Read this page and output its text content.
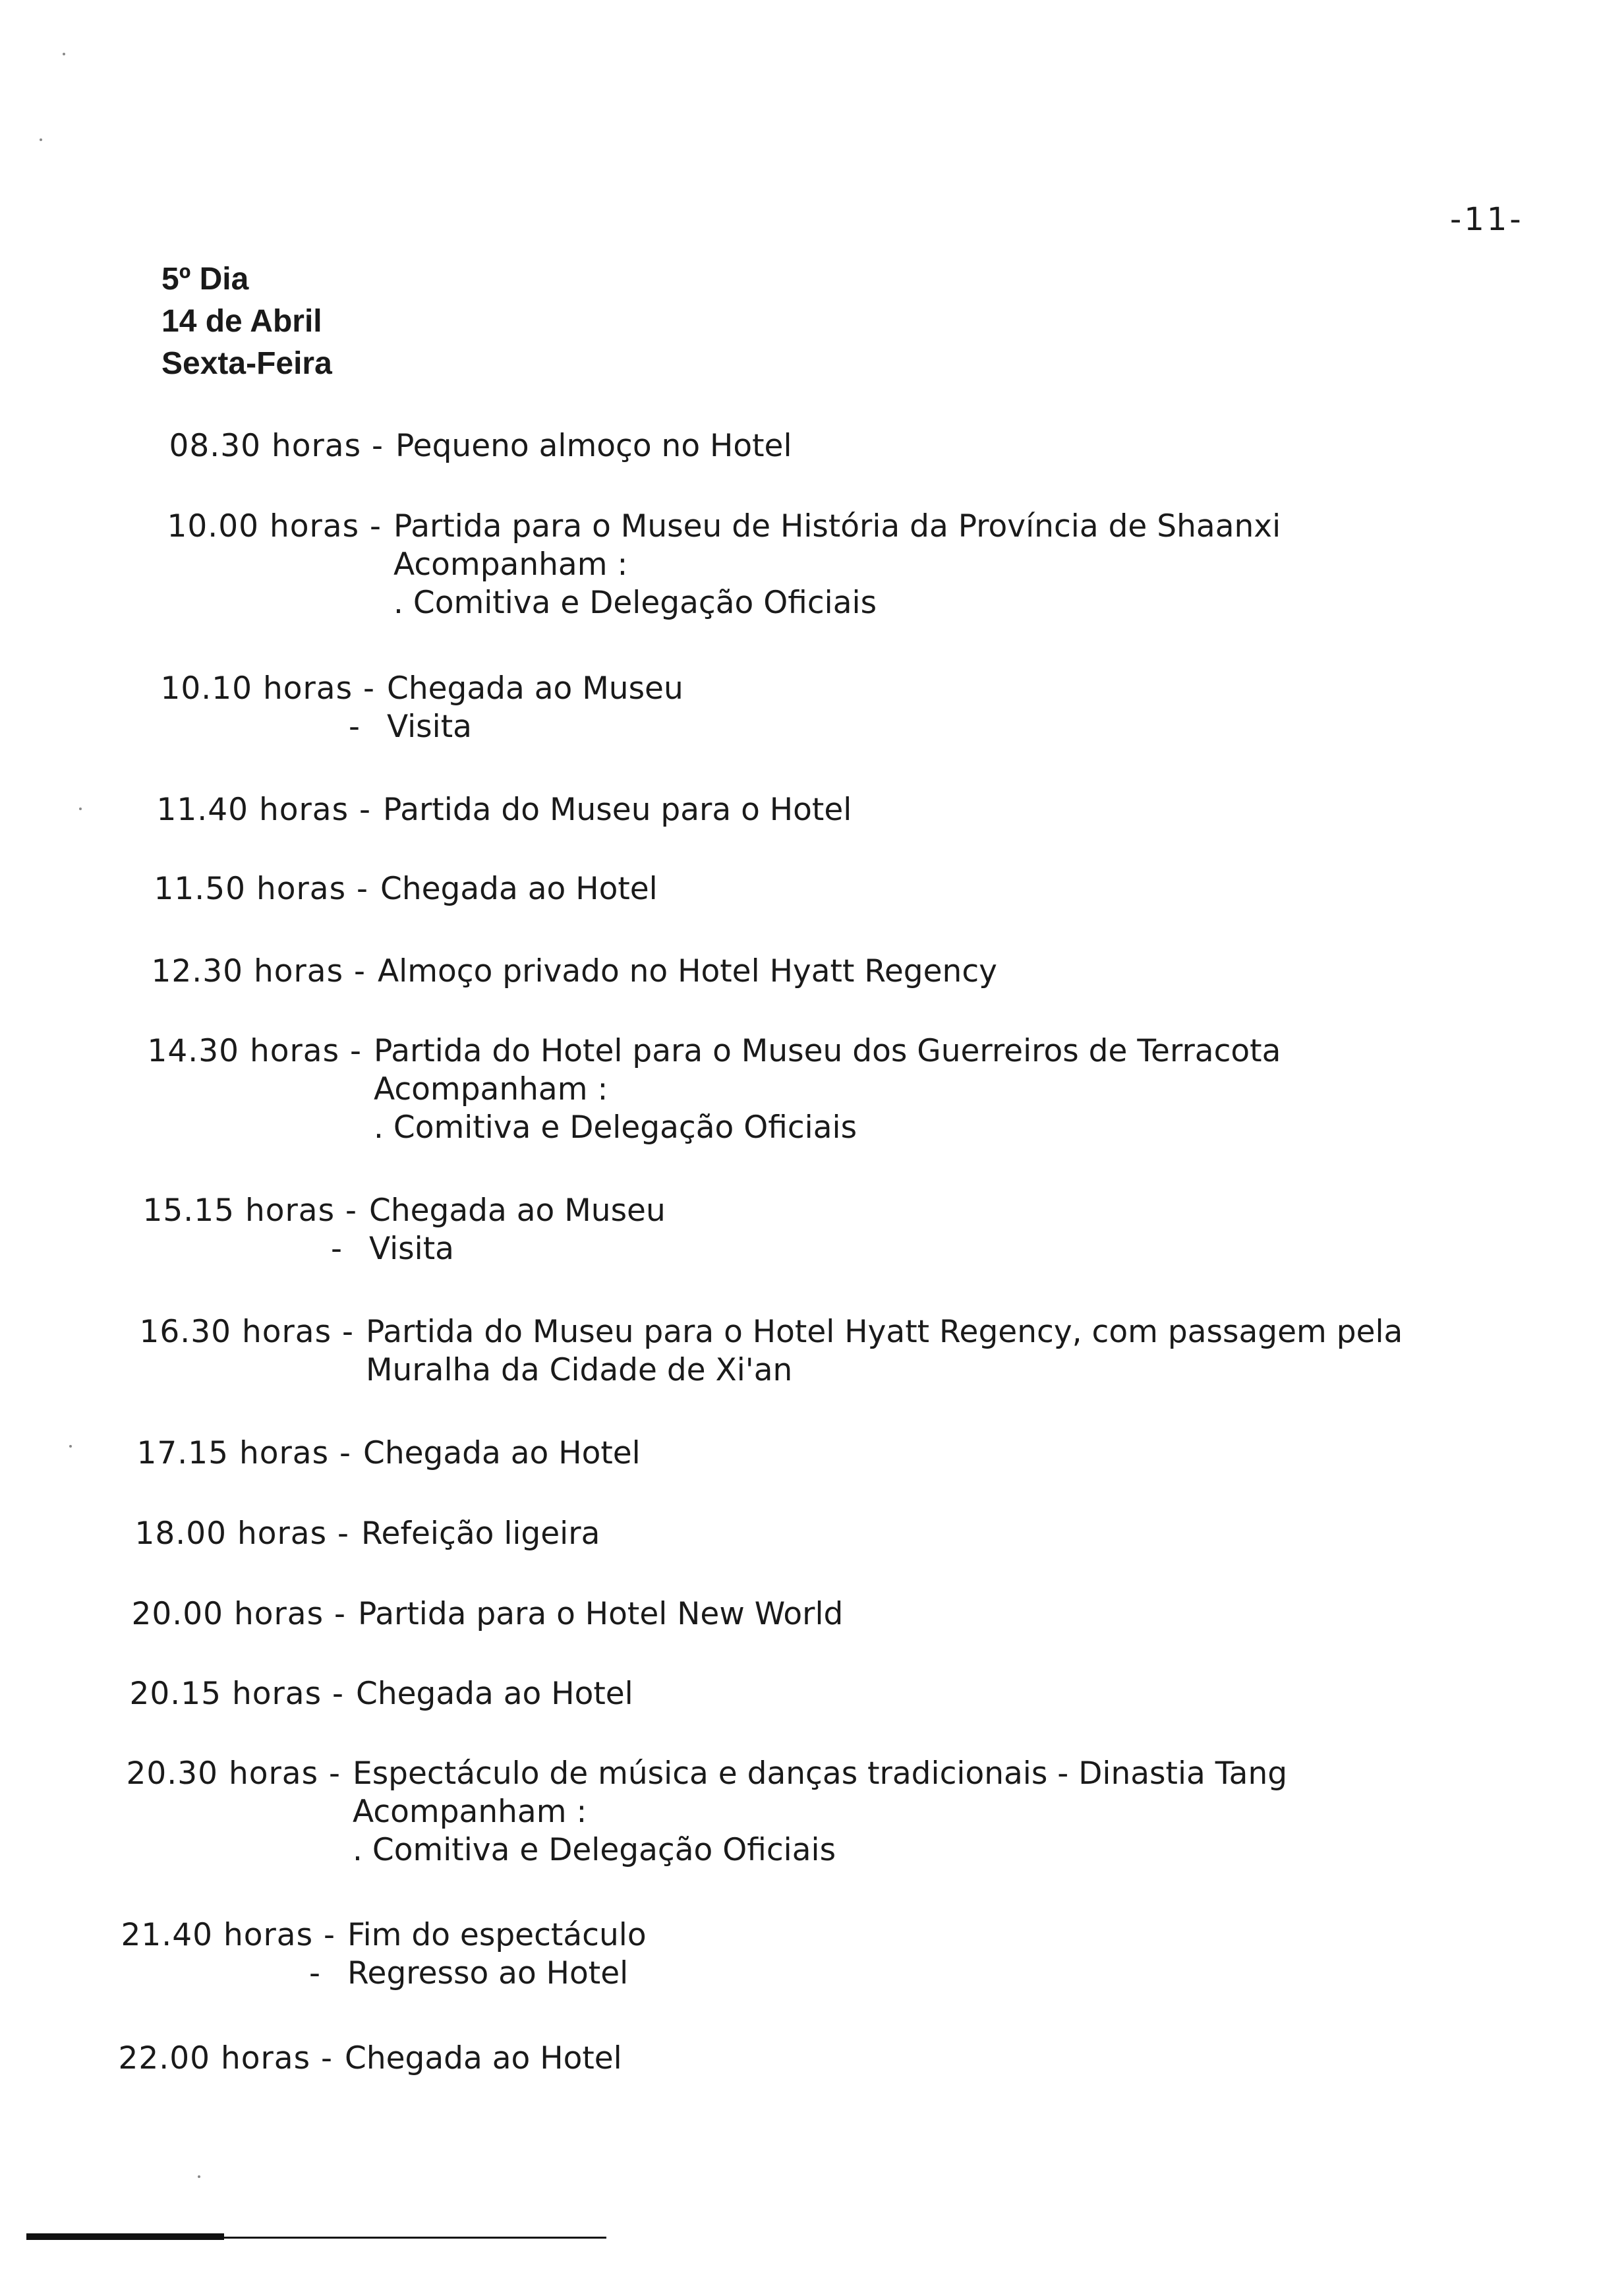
-11-
5º Dia
14 de Abril
Sexta-Feira
08.30 horas - Pequeno almoço no Hotel
10.00 horas - Partida para o Museu de História da Província de Shaanxi
Acompanham :
. Comitiva e Delegação Oficiais
10.10 horas - Chegada ao Museu
- Visita
11.40 horas - Partida do Museu para o Hotel
11.50 horas - Chegada ao Hotel
12.30 horas - Almoço privado no Hotel Hyatt Regency
14.30 horas - Partida do Hotel para o Museu dos Guerreiros de Terracota
Acompanham :
. Comitiva e Delegação Oficiais
15.15 horas - Chegada ao Museu
- Visita
16.30 horas - Partida do Museu para o Hotel Hyatt Regency, com passagem pela
Muralha da Cidade de Xi'an
17.15 horas - Chegada ao Hotel
18.00 horas - Refeição ligeira
20.00 horas - Partida para o Hotel New World
20.15 horas - Chegada ao Hotel
20.30 horas - Espectáculo de música e danças tradicionais - Dinastia Tang
Acompanham :
. Comitiva e Delegação Oficiais
21.40 horas - Fim do espectáculo
- Regresso ao Hotel
22.00 horas - Chegada ao Hotel
